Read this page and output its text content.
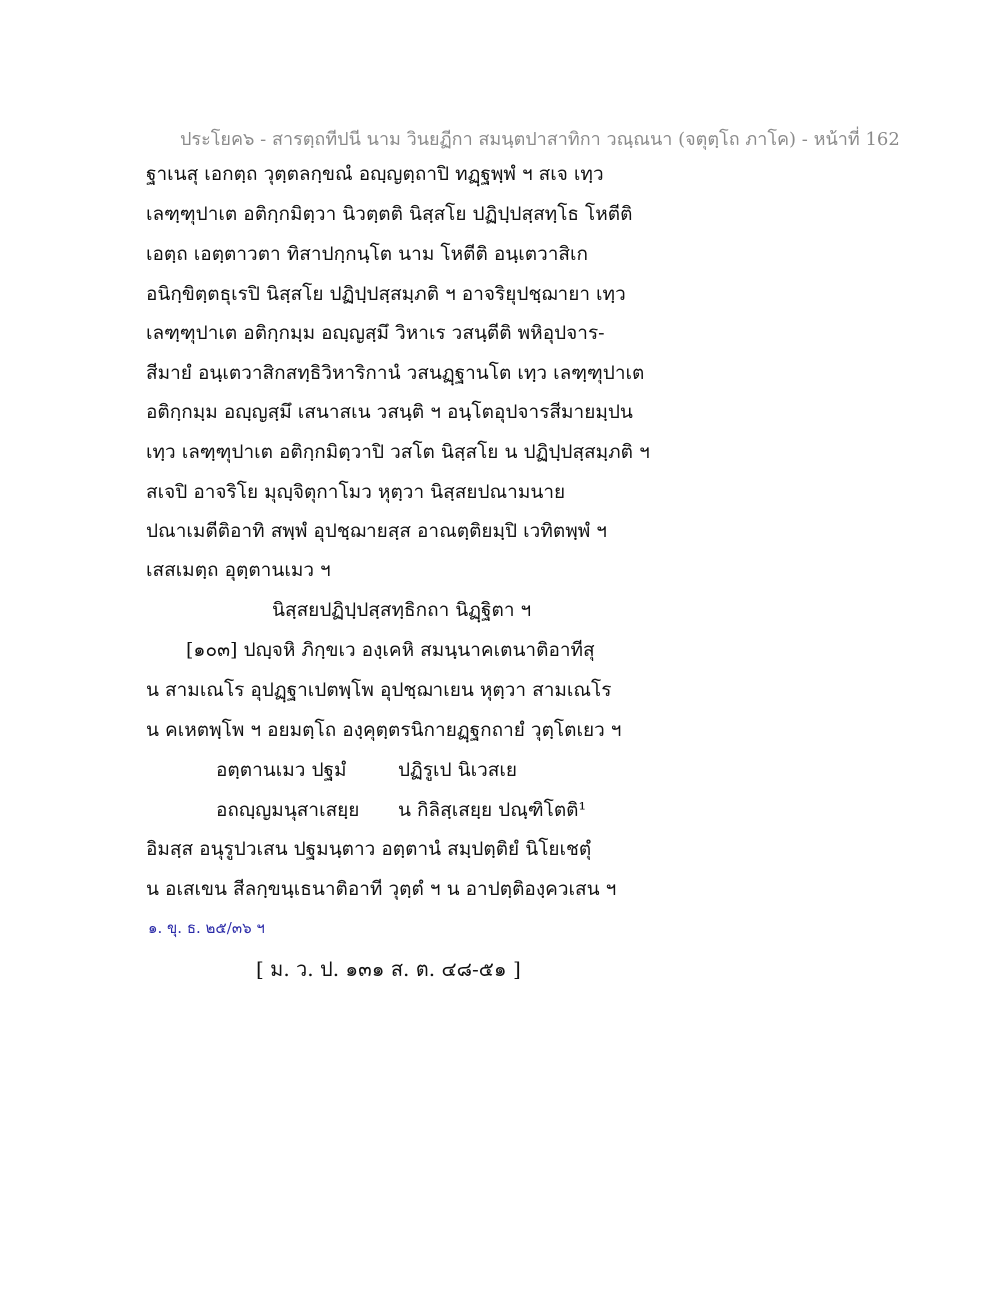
ประโยค๖ - สารตฺถทีปนี นาม วินยฏีกา สมนฺตปาสาทิกา วณฺณนา (จตุตฺโถ ภาโค) - หน้าที่ 162
ฐาเนสุ เอกตฺถ วุตฺตลกฺขณํ อญฺญตฺถาปิ ทฏฺฐพฺพํ ฯ สเจ เทฺว
เลฑฺฑุปาเต อติกฺกมิตฺวา นิวตฺตติ นิสฺสโย ปฏิปฺปสฺสทฺโธ โหตีติ
เอตฺถ เอตฺตาวตา ทิสาปกฺกนฺโต นาม โหตีติ อนฺเตวาสิเก
อนิกฺขิตฺตธุเรปิ นิสฺสโย ปฏิปฺปสฺสมฺภติ ฯ อาจริยุปชฺฌายา เทฺว
เลฑฺฑุปาเต อติกฺกมฺม อญฺญสฺมึ วิหาเร วสนฺตีติ พหิอุปจาร-
สีมายํ อนฺเตวาสิกสทฺธิวิหาริกานํ วสนฏฺฐานโต เทฺว เลฑฺฑุปาเต
อติกฺกมฺม อญฺญสฺมึ เสนาสเน วสนฺติ ฯ อนฺโตอุปจารสีมายมฺปน
เทฺว เลฑฺฑุปาเต อติกฺกมิตฺวาปิ วสโต นิสฺสโย น ปฏิปฺปสฺสมฺภติ ฯ
สเจปิ อาจริโย มุญฺจิตุกาโมว หุตฺวา นิสฺสยปณามนาย
ปณาเมตีติอาทิ สพฺพํ อุปชฺฌายสฺส อาณตฺติยมฺปิ เวทิตพฺพํ ฯ
เสสเมตฺถ อุตฺตานเมว ฯ
นิสฺสยปฏิปฺปสฺสทฺธิกถา นิฏฺฐิตา ฯ
[๑๐๓] ปญฺจหิ ภิกฺขเว องฺเคหิ สมนฺนาคเตนาติอาทีสุ
น สามเณโร อุปฏฺฐาเปตพฺโพ อุปชฺฌาเยน หุตฺวา สามเณโร
น คเหตพฺโพ ฯ อยมตฺโถ องฺคุตฺตรนิกายฏฺฐกถายํ วุตฺโตเยว ฯ
อตฺตานเมว ปฐมํ	ปฏิรูเป นิเวสเย
อถญฺญมนุสาเสยฺย น กิลิสฺเสยฺย ปณฺฑิโตติ¹
อิมสฺส อนุรูปวเสน ปฐมนฺตาว อตฺตานํ สมฺปตฺติยํ นิโยเชตุํ
น อเสเขน สีลกฺขนฺเธนาติอาที วุตฺตํ ฯ น อาปตฺติองฺควเสน ฯ
๑. ขุ. ธ. ๒๕/๓๖ ฯ
[ ม. ว. ป. ๑๓๑ ส. ต. ๔๘-๕๑ ]
